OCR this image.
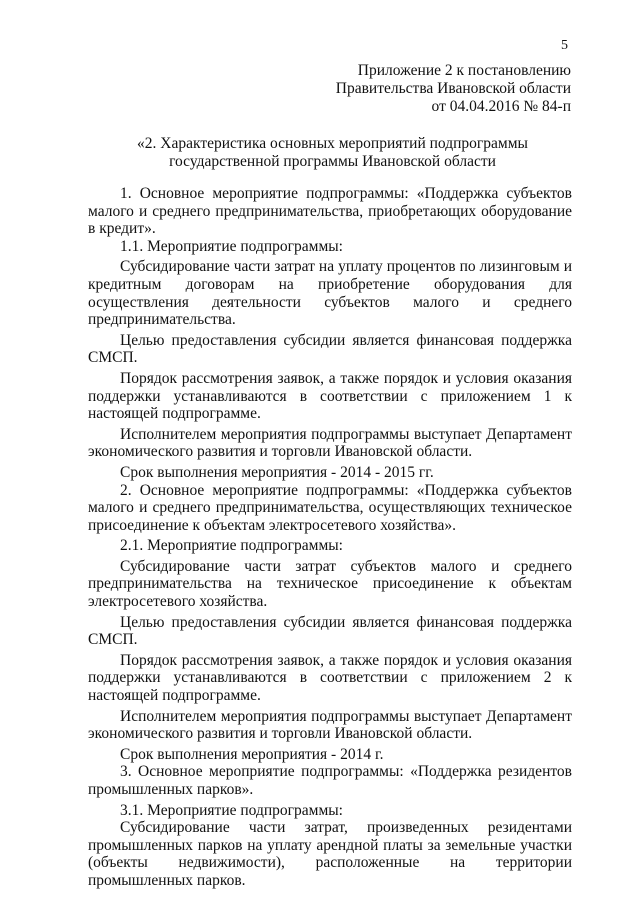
5
Приложение 2 к постановлению
Правительства Ивановской области
от 04.04.2016 № 84-п
«2. Характеристика основных мероприятий подпрограммы
государственной программы Ивановской области

1. Основное мероприятие подпрограммы: «Поддержка субъектов малого и среднего предпринимательства, приобретающих оборудование в кредит».

1.1. Мероприятие подпрограммы:

Субсидирование части затрат на уплату процентов по лизинговым и кредитным договорам на приобретение оборудования для осуществления деятельности субъектов малого и среднего предпринимательства.

Целью предоставления субсидии является финансовая поддержка СМСП.

Порядок рассмотрения заявок, а также порядок и условия оказания поддержки устанавливаются в соответствии с приложением 1 к настоящей подпрограмме.

Исполнителем мероприятия подпрограммы выступает Департамент экономического развития и торговли Ивановской области.

Срок выполнения мероприятия - 2014 - 2015 гг.

2. Основное мероприятие подпрограммы: «Поддержка субъектов малого и среднего предпринимательства, осуществляющих техническое присоединение к объектам электросетевого хозяйства».

2.1. Мероприятие подпрограммы:

Субсидирование части затрат субъектов малого и среднего предпринимательства на техническое присоединение к объектам электросетевого хозяйства.

Целью предоставления субсидии является финансовая поддержка СМСП.

Порядок рассмотрения заявок, а также порядок и условия оказания поддержки устанавливаются в соответствии с приложением 2 к настоящей подпрограмме.

Исполнителем мероприятия подпрограммы выступает Департамент экономического развития и торговли Ивановской области.

Срок выполнения мероприятия - 2014 г.

3. Основное мероприятие подпрограммы: «Поддержка резидентов промышленных парков».

3.1. Мероприятие подпрограммы:

Субсидирование части затрат, произведенных резидентами промышленных парков на уплату арендной платы за земельные участки (объекты недвижимости), расположенные на территории промышленных парков.
